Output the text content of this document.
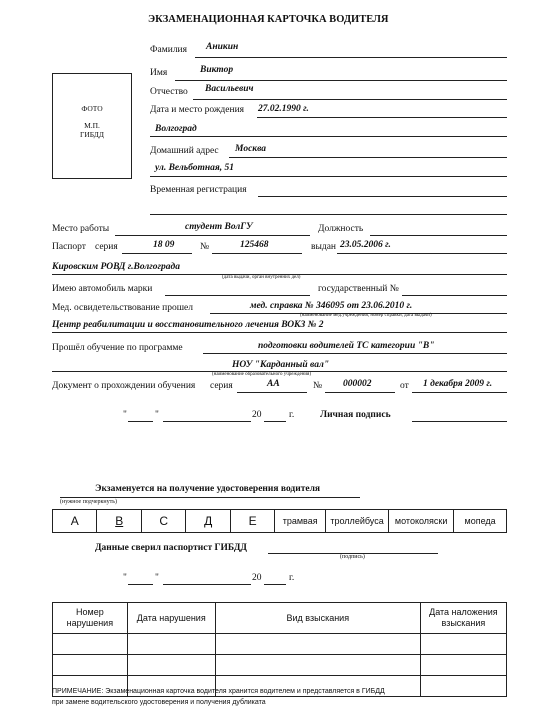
ЭКЗАМЕНАЦИОННАЯ КАРТОЧКА ВОДИТЕЛЯ
ФОТО
М.П.
ГИБДД
Фамилия Аникин
Имя	Виктор
Отчество Васильевич
Дата и место рождения 27.02.1990 г.
Волгоград
Домашний адрес Москва
ул. Вельботная, 51
Временная регистрация
Место работы	студент ВолГУ	Должность
Паспорт серия	18 09	№	125468	выдан 23.05.2006 г.
Кировским РОВД г.Волгограда
(дата выдачи, орган внутренних дел)
Имею автомобиль марки	государственный №
Мед. освидетельствование прошел	мед. справка № 346095 от 23.06.2010 г.
(наименование мед.учреждения, номер справки, дата выдачи)
Центр реабилитации и восстановительного лечения ВОКЗ № 2
Прошёл обучение по программе	подготовки водителей ТС категории "В"
НОУ "Карданный вал"
(наименование образовательного учреждения)
Документ о прохождении обучения серия	АА	№ 000002	от 1 декабря 2009 г.
"	"	20	г.	Личная подпись
Экзаменуется на получение удостоверения водителя
(нужное подчеркнуть)
А	В	С	Д	Е	трамвая	троллейбуса	мотоколяски	мопеда
Данные сверил паспортист ГИБДД
(подпись)
"	"	20	г.
Номер нарушения	Дата нарушения	Вид взыскания	Дата наложения взыскания

ПРИМЕЧАНИЕ: Экзаменационная карточка водителя хранится водителем и представляется в ГИБДД
при замене водительского удостоверения и получения дубликата
